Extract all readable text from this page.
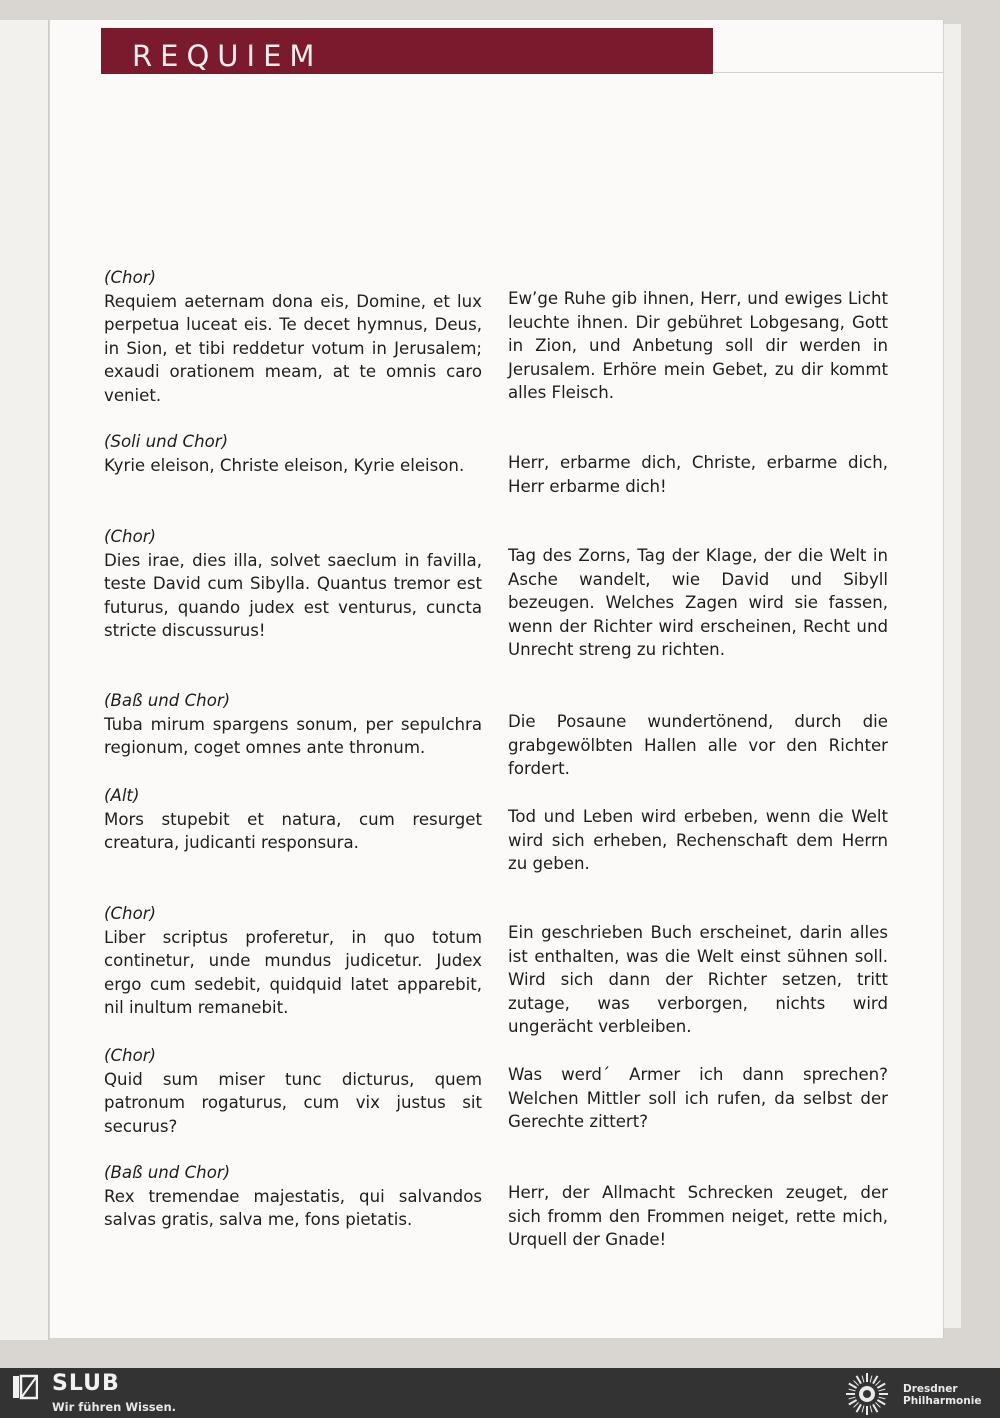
REQUIEM

(Chor)
Requiem aeternam dona eis, Domine, et lux perpetua luceat eis. Te decet hymnus, Deus, in Sion, et tibi reddetur votum in Jerusalem; exaudi orationem meam, at te omnis caro veniet.

(Soli und Chor)
Kyrie eleison, Christe eleison, Kyrie eleison.

(Chor)
Dies irae, dies illa, solvet saeclum in favilla, teste David cum Sibylla. Quantus tremor est futurus, quando judex est venturus, cuncta stricte discussurus!

(Baß und Chor)
Tuba mirum spargens sonum, per sepulchra regionum, coget omnes ante thronum.

(Alt)
Mors stupebit et natura, cum resurget creatura, judicanti responsura.

(Chor)
Liber scriptus proferetur, in quo totum continetur, unde mundus judicetur. Judex ergo cum sedebit, quidquid latet apparebit, nil inultum remanebit.

(Chor)
Quid sum miser tunc dicturus, quem patronum rogaturus, cum vix justus sit securus?

(Baß und Chor)
Rex tremendae majestatis, qui salvandos salvas gratis, salva me, fons pietatis.

Ew’ge Ruhe gib ihnen, Herr, und ewiges Licht leuchte ihnen. Dir gebühret Lobgesang, Gott in Zion, und Anbetung soll dir werden in Jerusalem. Erhöre mein Gebet, zu dir kommt alles Fleisch.

Herr, erbarme dich, Christe, erbarme dich, Herr erbarme dich!

Tag des Zorns, Tag der Klage, der die Welt in Asche wandelt, wie David und Sibyll bezeugen. Welches Zagen wird sie fassen, wenn der Richter wird erscheinen, Recht und Unrecht streng zu richten.

Die Posaune wundertönend, durch die grabgewölbten Hallen alle vor den Richter fordert.

Tod und Leben wird erbeben, wenn die Welt wird sich erheben, Rechenschaft dem Herrn zu geben.

Ein geschrieben Buch erscheinet, darin alles ist enthalten, was die Welt einst sühnen soll. Wird sich dann der Richter setzen, tritt zutage, was verborgen, nichts wird ungerächt verbleiben.

Was werd´ Armer ich dann sprechen? Welchen Mittler soll ich rufen, da selbst der Gerechte zittert?

Herr, der Allmacht Schrecken zeuget, der sich fromm den Frommen neiget, rette mich, Urquell der Gnade!

SLUB
Wir führen Wissen.
Dresdner
Philharmonie
